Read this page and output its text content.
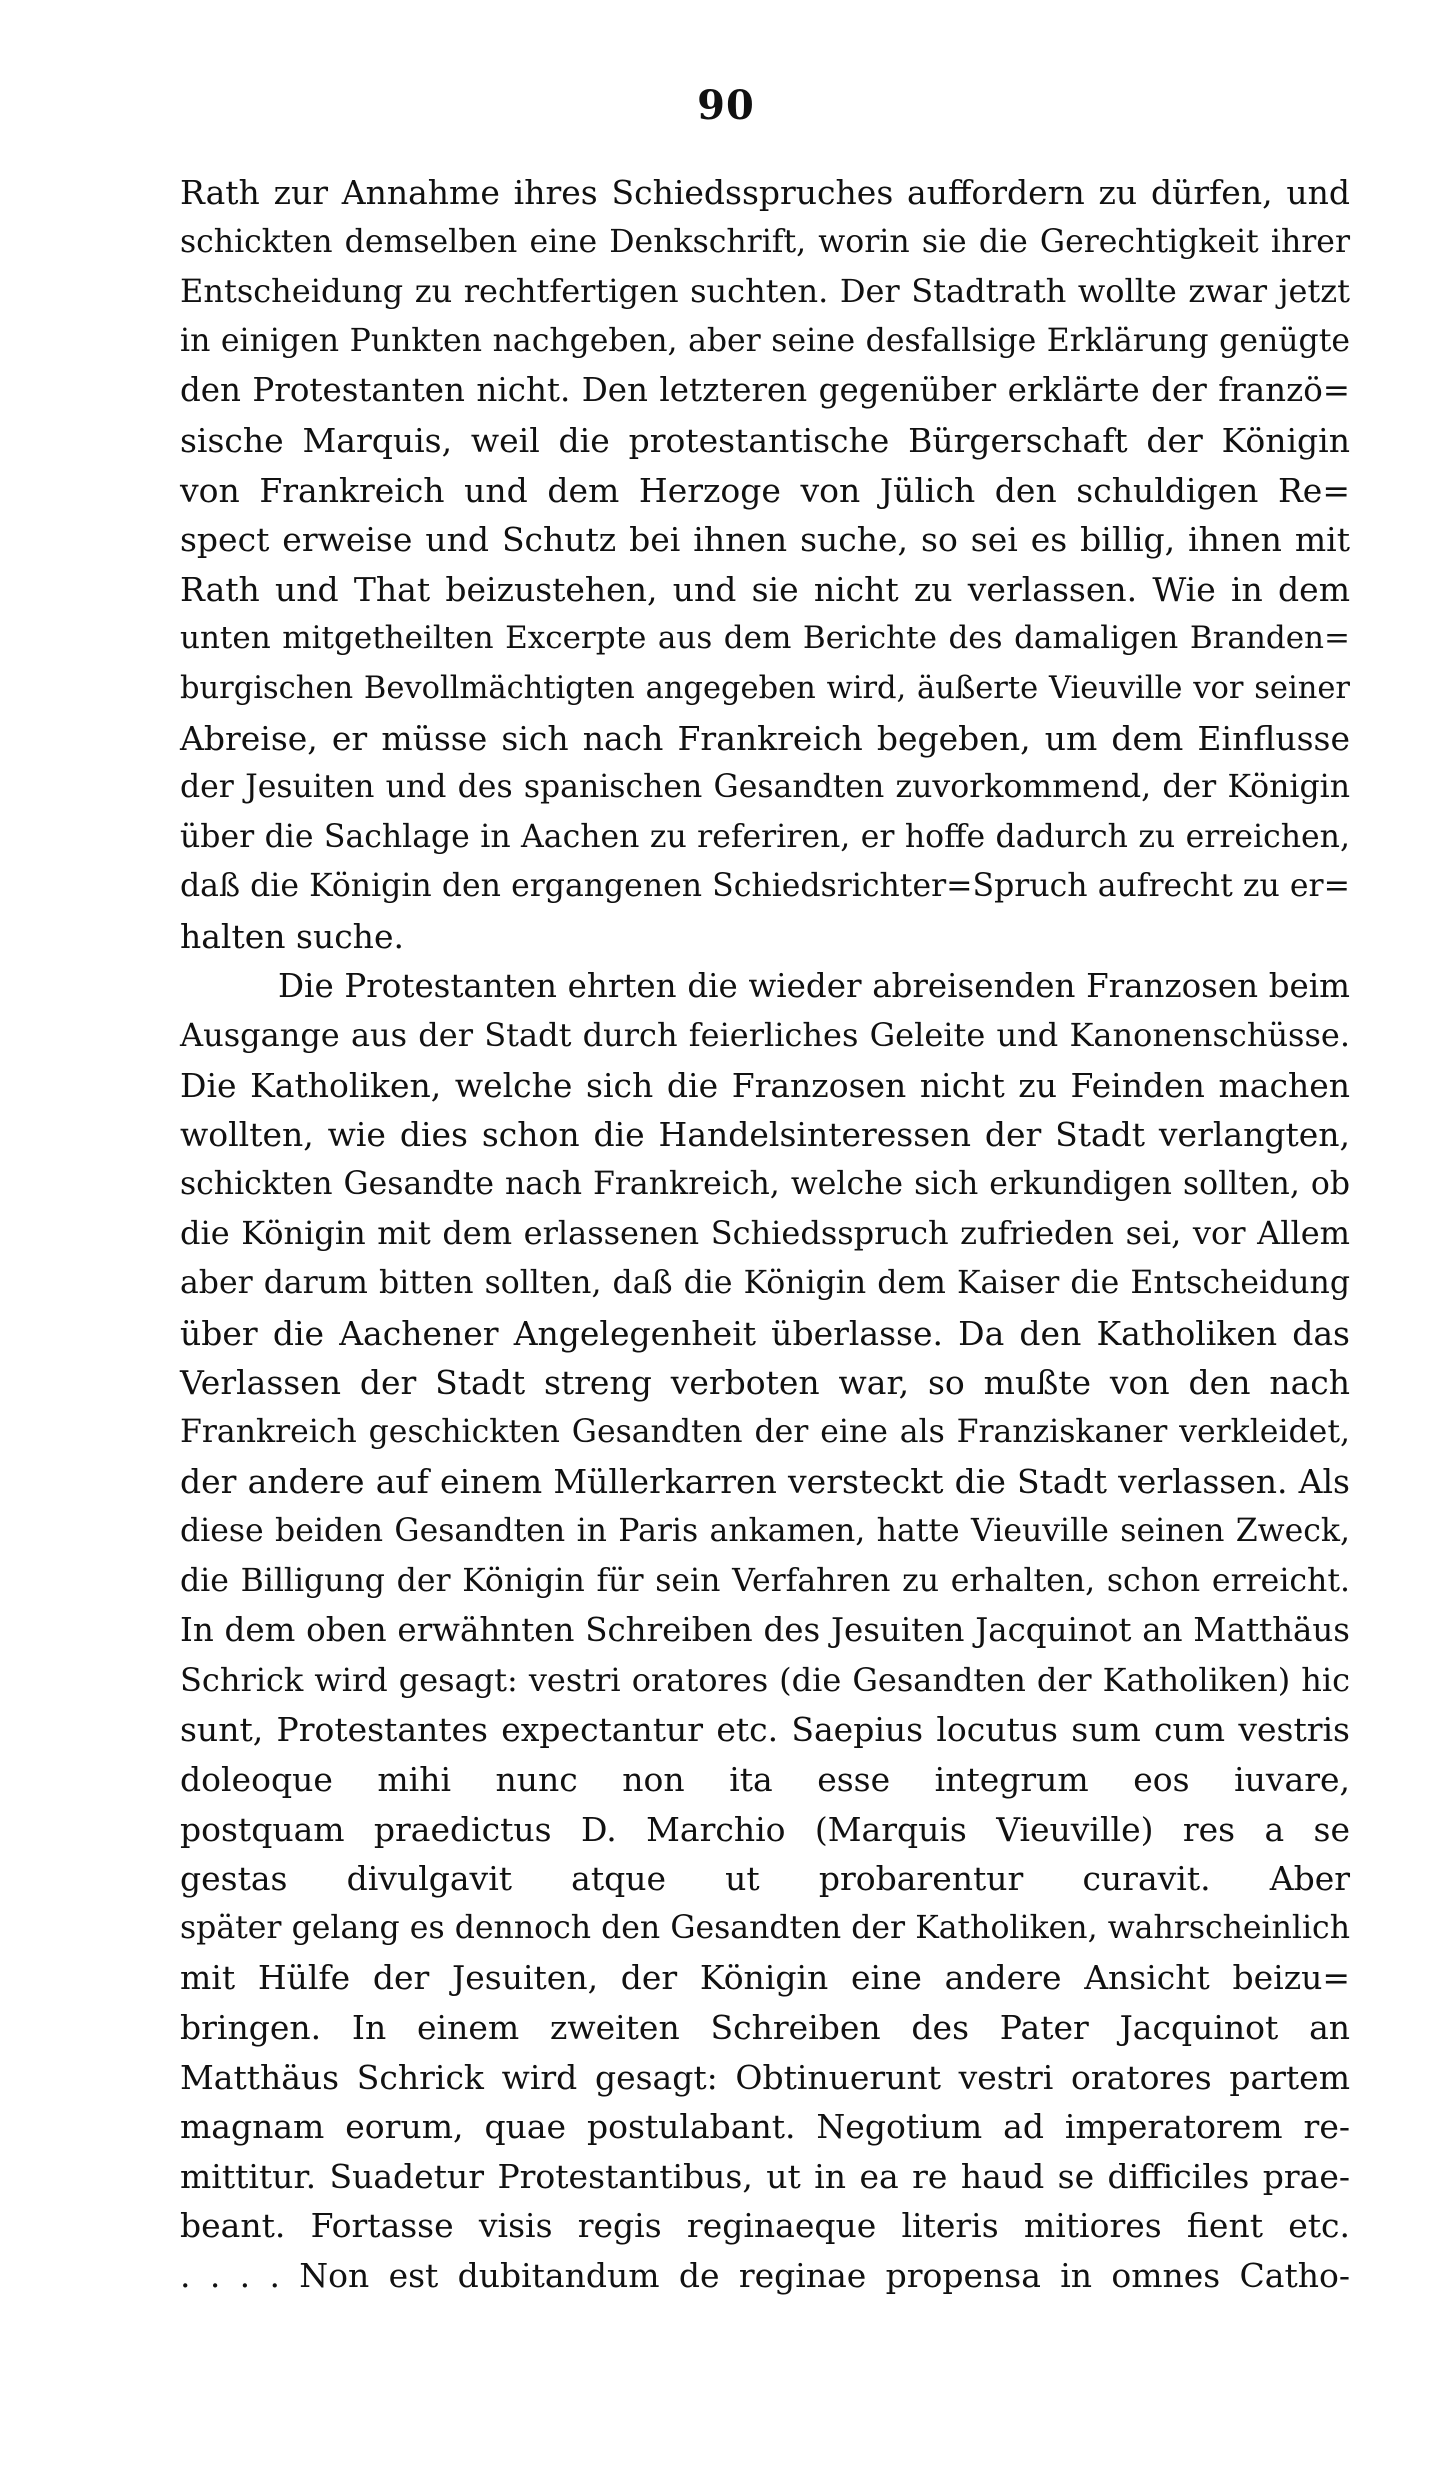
90
Rath zur Annahme ihres Schiedsspruches auffordern zu dürfen, und
schickten demselben eine Denkschrift, worin sie die Gerechtigkeit ihrer
Entscheidung zu rechtfertigen suchten. Der Stadtrath wollte zwar jetzt
in einigen Punkten nachgeben, aber seine desfallsige Erklärung genügte
den Protestanten nicht. Den letzteren gegenüber erklärte der franzö=
sische Marquis, weil die protestantische Bürgerschaft der Königin
von Frankreich und dem Herzoge von Jülich den schuldigen Re=
spect erweise und Schutz bei ihnen suche, so sei es billig, ihnen mit
Rath und That beizustehen, und sie nicht zu verlassen. Wie in dem
unten mitgetheilten Excerpte aus dem Berichte des damaligen Branden=
burgischen Bevollmächtigten angegeben wird, äußerte Vieuville vor seiner
Abreise, er müsse sich nach Frankreich begeben, um dem Einflusse
der Jesuiten und des spanischen Gesandten zuvorkommend, der Königin
über die Sachlage in Aachen zu referiren, er hoffe dadurch zu erreichen,
daß die Königin den ergangenen Schiedsrichter=Spruch aufrecht zu er=
halten suche.
Die Protestanten ehrten die wieder abreisenden Franzosen beim
Ausgange aus der Stadt durch feierliches Geleite und Kanonenschüsse.
Die Katholiken, welche sich die Franzosen nicht zu Feinden machen
wollten, wie dies schon die Handelsinteressen der Stadt verlangten,
schickten Gesandte nach Frankreich, welche sich erkundigen sollten, ob
die Königin mit dem erlassenen Schiedsspruch zufrieden sei, vor Allem
aber darum bitten sollten, daß die Königin dem Kaiser die Entscheidung
über die Aachener Angelegenheit überlasse. Da den Katholiken das
Verlassen der Stadt streng verboten war, so mußte von den nach
Frankreich geschickten Gesandten der eine als Franziskaner verkleidet,
der andere auf einem Müllerkarren versteckt die Stadt verlassen. Als
diese beiden Gesandten in Paris ankamen, hatte Vieuville seinen Zweck,
die Billigung der Königin für sein Verfahren zu erhalten, schon erreicht.
In dem oben erwähnten Schreiben des Jesuiten Jacquinot an Matthäus
Schrick wird gesagt: vestri oratores (die Gesandten der Katholiken) hic
sunt, Protestantes expectantur etc. Saepius locutus sum cum vestris
doleoque mihi nunc non ita esse integrum eos iuvare,
postquam praedictus D. Marchio (Marquis Vieuville) res a se
gestas divulgavit atque ut probarentur curavit. Aber
später gelang es dennoch den Gesandten der Katholiken, wahrscheinlich
mit Hülfe der Jesuiten, der Königin eine andere Ansicht beizu=
bringen. In einem zweiten Schreiben des Pater Jacquinot an
Matthäus Schrick wird gesagt: Obtinuerunt vestri oratores partem
magnam eorum, quae postulabant. Negotium ad imperatorem re-
mittitur. Suadetur Protestantibus, ut in ea re haud se difficiles prae-
beant. Fortasse visis regis reginaeque literis mitiores fient etc.
. . . . Non est dubitandum de reginae propensa in omnes Catho-
